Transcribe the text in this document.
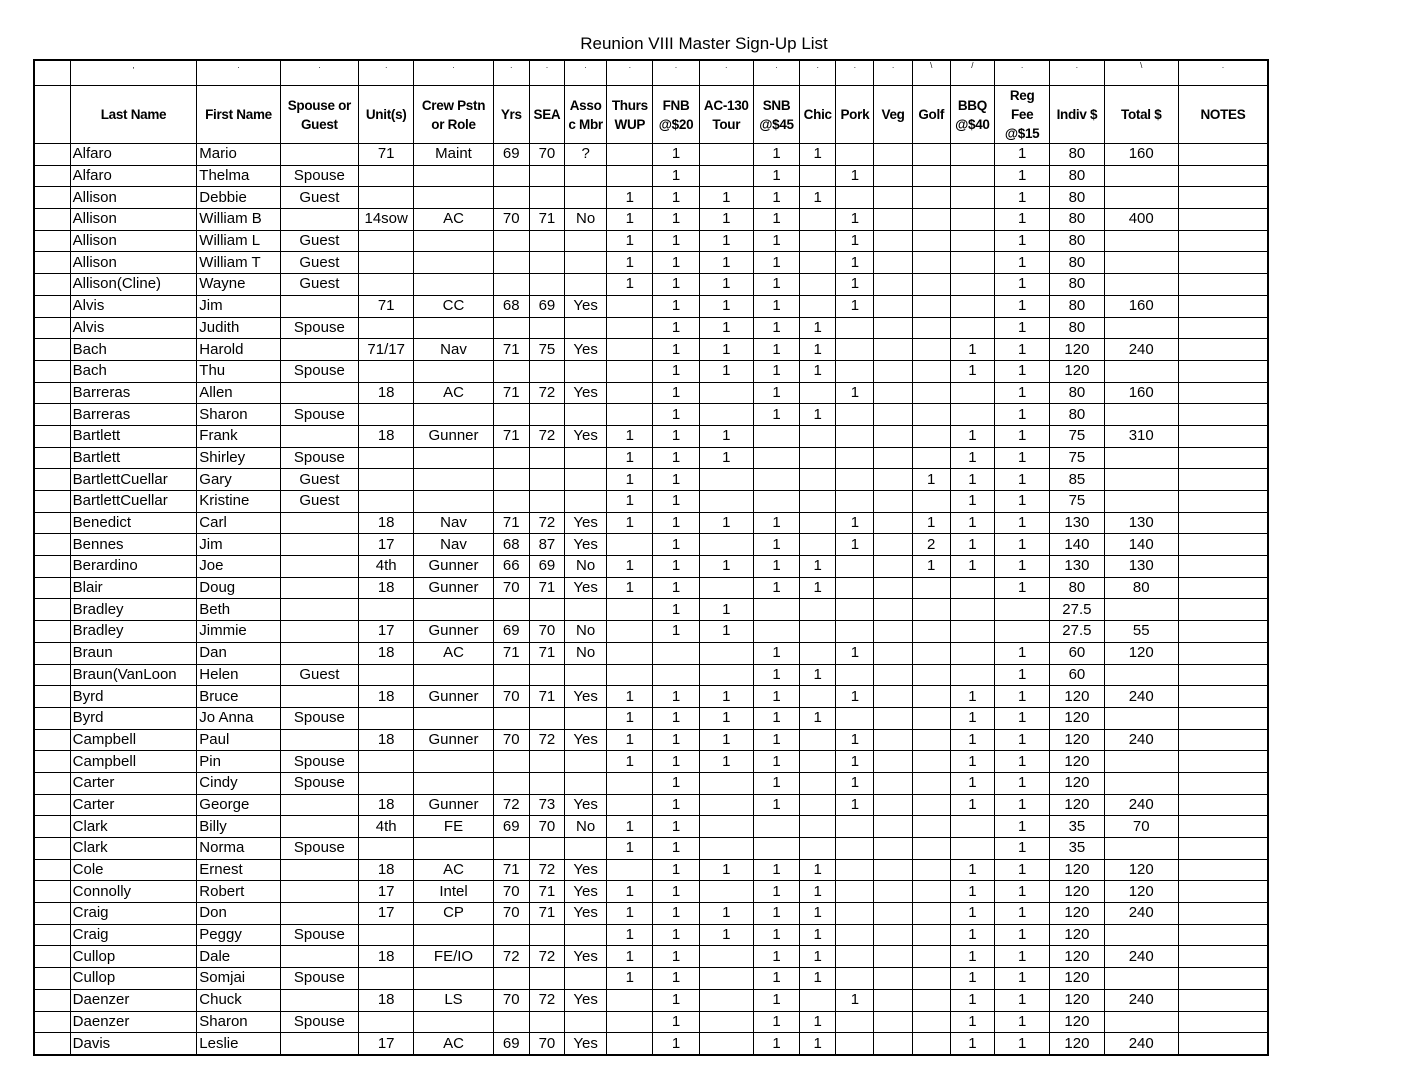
Reunion VIII Master Sign-Up List
	,	.	.	.	.	.	.	.	.	.	.	.	.	.	.	\	/	.	.	\	.
	Last Name	First Name	Spouse or Guest	Unit(s)	Crew Pstn or Role	Yrs	SEA	Asso c Mbr	Thurs WUP	FNB @$20	AC-130 Tour	SNB @$45	Chic	Pork	Veg	Golf	BBQ @$40	Reg Fee @$15	Indiv $	Total $	NOTES
	Alfaro	Mario		71	Maint	69	70	?		1		1	1					1	80	160	
	Alfaro	Thelma	Spouse							1		1		1				1	80		
	Allison	Debbie	Guest						1	1	1	1	1					1	80		
	Allison	William B		14sow	AC	70	71	No	1	1	1	1		1				1	80	400	
	Allison	William L	Guest						1	1	1	1		1				1	80		
	Allison	William T	Guest						1	1	1	1		1				1	80		
	Allison(Cline)	Wayne	Guest						1	1	1	1		1				1	80		
	Alvis	Jim		71	CC	68	69	Yes		1	1	1		1				1	80	160	
	Alvis	Judith	Spouse							1	1	1	1					1	80		
	Bach	Harold		71/17	Nav	71	75	Yes		1	1	1	1				1	1	120	240	
	Bach	Thu	Spouse							1	1	1	1				1	1	120		
	Barreras	Allen		18	AC	71	72	Yes		1		1		1				1	80	160	
	Barreras	Sharon	Spouse							1		1	1					1	80		
	Bartlett	Frank		18	Gunner	71	72	Yes	1	1	1						1	1	75	310	
	Bartlett	Shirley	Spouse						1	1	1						1	1	75		
	BartlettCuellar	Gary	Guest						1	1						1	1	1	85		
	BartlettCuellar	Kristine	Guest						1	1							1	1	75		
	Benedict	Carl		18	Nav	71	72	Yes	1	1	1	1		1		1	1	1	130	130	
	Bennes	Jim		17	Nav	68	87	Yes		1		1		1		2	1	1	140	140	
	Berardino	Joe		4th	Gunner	66	69	No	1	1	1	1	1			1	1	1	130	130	
	Blair	Doug		18	Gunner	70	71	Yes	1	1		1	1					1	80	80	
	Bradley	Beth								1	1								27.5		
	Bradley	Jimmie		17	Gunner	69	70	No		1	1								27.5	55	
	Braun	Dan		18	AC	71	71	No				1		1				1	60	120	
	Braun(VanLoon	Helen	Guest									1	1					1	60		
	Byrd	Bruce		18	Gunner	70	71	Yes	1	1	1	1		1			1	1	120	240	
	Byrd	Jo Anna	Spouse						1	1	1	1	1				1	1	120		
	Campbell	Paul		18	Gunner	70	72	Yes	1	1	1	1		1			1	1	120	240	
	Campbell	Pin	Spouse						1	1	1	1		1			1	1	120		
	Carter	Cindy	Spouse							1		1		1			1	1	120		
	Carter	George		18	Gunner	72	73	Yes		1		1		1			1	1	120	240	
	Clark	Billy		4th	FE	69	70	No	1	1								1	35	70	
	Clark	Norma	Spouse						1	1								1	35		
	Cole	Ernest		18	AC	71	72	Yes		1	1	1	1				1	1	120	120	
	Connolly	Robert		17	Intel	70	71	Yes	1	1		1	1				1	1	120	120	
	Craig	Don		17	CP	70	71	Yes	1	1	1	1	1				1	1	120	240	
	Craig	Peggy	Spouse						1	1	1	1	1				1	1	120		
	Cullop	Dale		18	FE/IO	72	72	Yes	1	1		1	1				1	1	120	240	
	Cullop	Somjai	Spouse						1	1		1	1				1	1	120		
	Daenzer	Chuck		18	LS	70	72	Yes		1		1		1			1	1	120	240	
	Daenzer	Sharon	Spouse							1		1	1				1	1	120		
	Davis	Leslie		17	AC	69	70	Yes		1		1	1				1	1	120	240	
